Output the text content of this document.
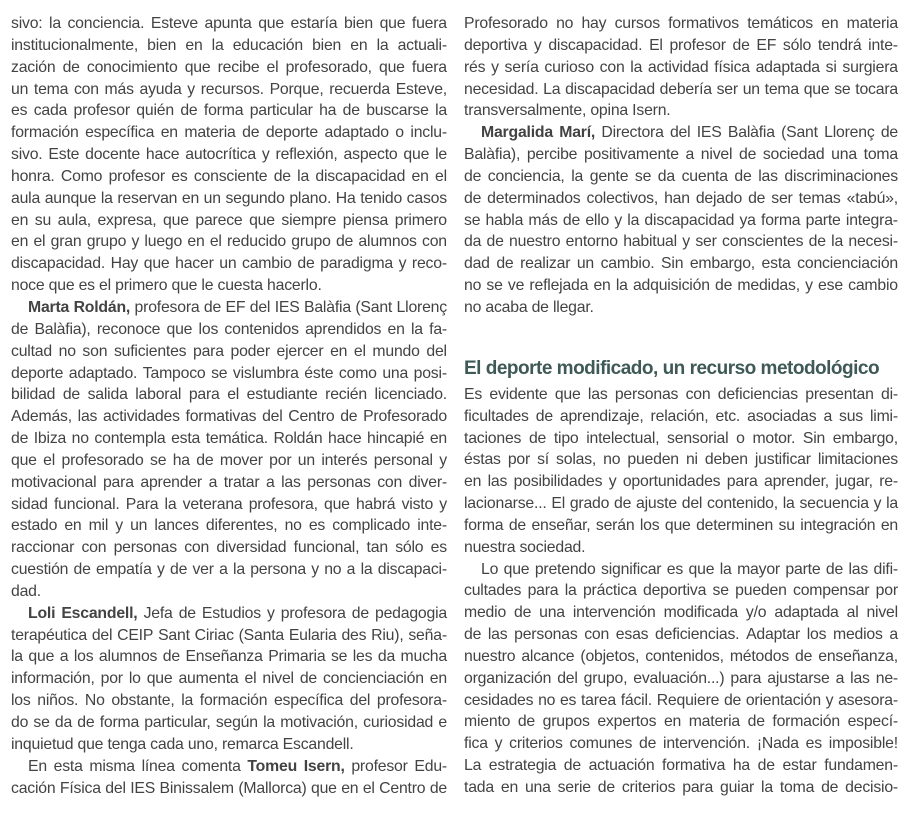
sivo: la conciencia. Esteve apunta que estaría bien que fuera
institucionalmente, bien en la educación bien en la actuali-
zación de conocimiento que recibe el profesorado, que fuera
un tema con más ayuda y recursos. Porque, recuerda Esteve,
es cada profesor quién de forma particular ha de buscarse la
formación específica en materia de deporte adaptado o inclu-
sivo. Este docente hace autocrítica y reflexión, aspecto que le
honra. Como profesor es consciente de la discapacidad en el
aula aunque la reservan en un segundo plano. Ha tenido casos
en su aula, expresa, que parece que siempre piensa primero
en el gran grupo y luego en el reducido grupo de alumnos con
discapacidad. Hay que hacer un cambio de paradigma y reco-
noce que es el primero que le cuesta hacerlo.
Marta Roldán, profesora de EF del IES Balàfia (Sant Llorenç
de Balàfia), reconoce que los contenidos aprendidos en la fa-
cultad no son suficientes para poder ejercer en el mundo del
deporte adaptado. Tampoco se vislumbra éste como una posi-
bilidad de salida laboral para el estudiante recién licenciado.
Además, las actividades formativas del Centro de Profesorado
de Ibiza no contempla esta temática. Roldán hace hincapié en
que el profesorado se ha de mover por un interés personal y
motivacional para aprender a tratar a las personas con diver-
sidad funcional. Para la veterana profesora, que habrá visto y
estado en mil y un lances diferentes, no es complicado inte-
raccionar con personas con diversidad funcional, tan sólo es
cuestión de empatía y de ver a la persona y no a la discapaci-
dad.
Loli Escandell, Jefa de Estudios y profesora de pedagogia
terapéutica del CEIP Sant Ciriac (Santa Eularia des Riu), seña-
la que a los alumnos de Enseñanza Primaria se les da mucha
información, por lo que aumenta el nivel de concienciación en
los niños. No obstante, la formación específica del profesora-
do se da de forma particular, según la motivación, curiosidad e
inquietud que tenga cada uno, remarca Escandell.
En esta misma línea comenta Tomeu Isern, profesor Edu-
cación Física del IES Binissalem (Mallorca) que en el Centro de
Profesorado no hay cursos formativos temáticos en materia
deportiva y discapacidad. El profesor de EF sólo tendrá inte-
rés y sería curioso con la actividad física adaptada si surgiera
necesidad. La discapacidad debería ser un tema que se tocara
transversalmente, opina Isern.
Margalida Marí, Directora del IES Balàfia (Sant Llorenç de
Balàfia), percibe positivamente a nivel de sociedad una toma
de conciencia, la gente se da cuenta de las discriminaciones
de determinados colectivos, han dejado de ser temas «tabú»,
se habla más de ello y la discapacidad ya forma parte integra-
da de nuestro entorno habitual y ser conscientes de la necesi-
dad de realizar un cambio. Sin embargo, esta concienciación
no se ve reflejada en la adquisición de medidas, y ese cambio
no acaba de llegar.
El deporte modificado, un recurso metodológico
Es evidente que las personas con deficiencias presentan di-
ficultades de aprendizaje, relación, etc. asociadas a sus limi-
taciones de tipo intelectual, sensorial o motor. Sin embargo,
éstas por sí solas, no pueden ni deben justificar limitaciones
en las posibilidades y oportunidades para aprender, jugar, re-
lacionarse... El grado de ajuste del contenido, la secuencia y la
forma de enseñar, serán los que determinen su integración en
nuestra sociedad.
Lo que pretendo significar es que la mayor parte de las difi-
cultades para la práctica deportiva se pueden compensar por
medio de una intervención modificada y/o adaptada al nivel
de las personas con esas deficiencias. Adaptar los medios a
nuestro alcance (objetos, contenidos, métodos de enseñanza,
organización del grupo, evaluación...) para ajustarse a las ne-
cesidades no es tarea fácil. Requiere de orientación y asesora-
miento de grupos expertos en materia de formación especí-
fica y criterios comunes de intervención. ¡Nada es imposible!
La estrategia de actuación formativa ha de estar fundamen-
tada en una serie de criterios para guiar la toma de decisio-
